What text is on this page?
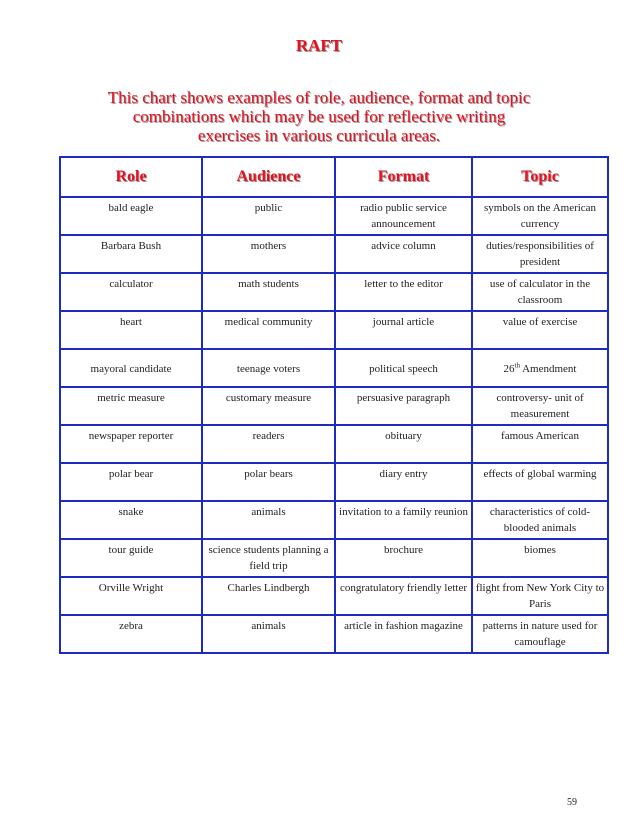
RAFT
This chart shows examples of role, audience, format and topic combinations which may be used for reflective writing exercises in various curricula areas.
Role	Audience	Format	Topic
bald eagle	public	radio public service announcement	symbols on the American currency
Barbara Bush	mothers	advice column	duties/responsibilities of president
calculator	math students	letter to the editor	use of calculator in the classroom
heart	medical community	journal article	value of exercise
mayoral candidate	teenage voters	political speech	26th Amendment
metric measure	customary measure	persuasive paragraph	controversy- unit of measurement
newspaper reporter	readers	obituary	famous American
polar bear	polar bears	diary entry	effects of global warming
snake	animals	invitation to a family reunion	characteristics of cold-blooded animals
tour guide	science students planning a field trip	brochure	biomes
Orville Wright	Charles Lindbergh	congratulatory friendly letter	flight from New York City to Paris
zebra	animals	article in fashion magazine	patterns in nature used for camouflage
59
